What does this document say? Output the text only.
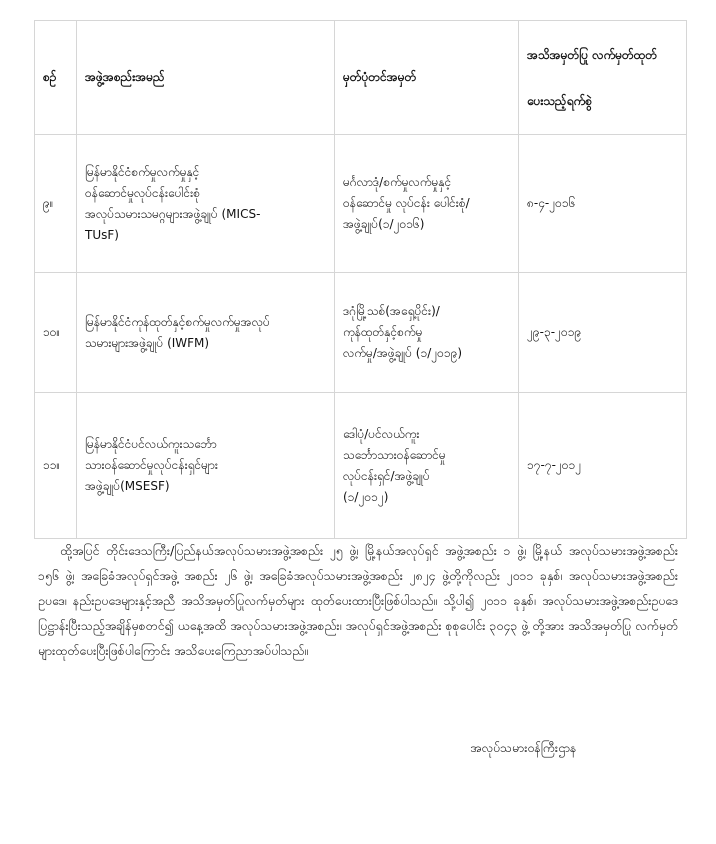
စဉ်	အဖွဲ့အစည်းအမည်	မှတ်ပုံတင်အမှတ်	အသိအမှတ်ပြု လက်မှတ်ထုတ်
ပေးသည့်ရက်စွဲ
၉။	မြန်မာနိုင်ငံစက်မှုလက်မှုနှင့်
ဝန်ဆောင်မှုလုပ်ငန်းပေါင်းစုံ
အလုပ်သမားသမဂ္ဂများအဖွဲ့ချုပ် (MICS-
TUsF)	မင်္ဂလာဒုံ/စက်မှုလက်မှုနှင့်
ဝန်ဆောင်မှု လုပ်ငန်း ပေါင်းစုံ/
အဖွဲ့ချုပ်(၁/၂၀၁၆)	၈-၄-၂၀၁၆
၁၀။	မြန်မာနိုင်ငံကုန်ထုတ်နှင့်စက်မှုလက်မှုအလုပ်
သမားများအဖွဲ့ချုပ် (IWFM)	ဒဂုံမြို့သစ်(အရှေ့ပိုင်း)/
ကုန်ထုတ်နှင့်စက်မှု
လက်မှု/အဖွဲ့ချုပ် (၁/၂၀၁၉)	၂၉-၃-၂၀၁၉
၁၁။	မြန်မာနိုင်ငံပင်လယ်ကူးသင်္ဘော
သားဝန်ဆောင်မှုလုပ်ငန်းရှင်များ
အဖွဲ့ချုပ်(MSESF)	ဒေါပုံ/ပင်လယ်ကူး
သင်္ဘောသားဝန်ဆောင်မှု
လုပ်ငန်းရှင်/အဖွဲ့ချုပ်
(၁/၂၀၁၂)	၁၇-၇-၂၀၁၂

ထို့အပြင် တိုင်းဒေသကြီး/ပြည်နယ်အလုပ်သမားအဖွဲ့အစည်း ၂၅ ဖွဲ့၊ မြို့နယ်အလုပ်ရှင် အဖွဲ့အစည်း ၁ ဖွဲ့၊ မြို့နယ် အလုပ်သမားအဖွဲ့အစည်း ၁၅၆ ဖွဲ့၊ အခြေခံအလုပ်ရှင်အဖွဲ့ အစည်း ၂၆ ဖွဲ့၊ အခြေခံအလုပ်သမားအဖွဲ့အစည်း ၂၈၂၄ ဖွဲ့တို့ကိုလည်း ၂၀၁၁ ခုနှစ်၊ အလုပ်သမားအဖွဲ့အစည်းဥပဒေ၊ နည်းဥပဒေများနှင့်အညီ အသိအမှတ်ပြုလက်မှတ်များ ထုတ်ပေးထားပြီးဖြစ်ပါသည်။ သို့ပါ၍ ၂၀၁၁ ခုနှစ်၊ အလုပ်သမားအဖွဲ့အစည်းဥပဒေ ပြဋ္ဌာန်းပြီးသည့်အချိန်မှစတင်၍ ယနေ့အထိ အလုပ်သမားအဖွဲ့အစည်း၊ အလုပ်ရှင်အဖွဲ့အစည်း စုစုပေါင်း ၃၀၄၃ ဖွဲ့ တို့အား အသိအမှတ်ပြု လက်မှတ် များထုတ်ပေးပြီးဖြစ်ပါကြောင်း အသိပေးကြေညာအပ်ပါသည်။

အလုပ်သမားဝန်ကြီးဌာန
